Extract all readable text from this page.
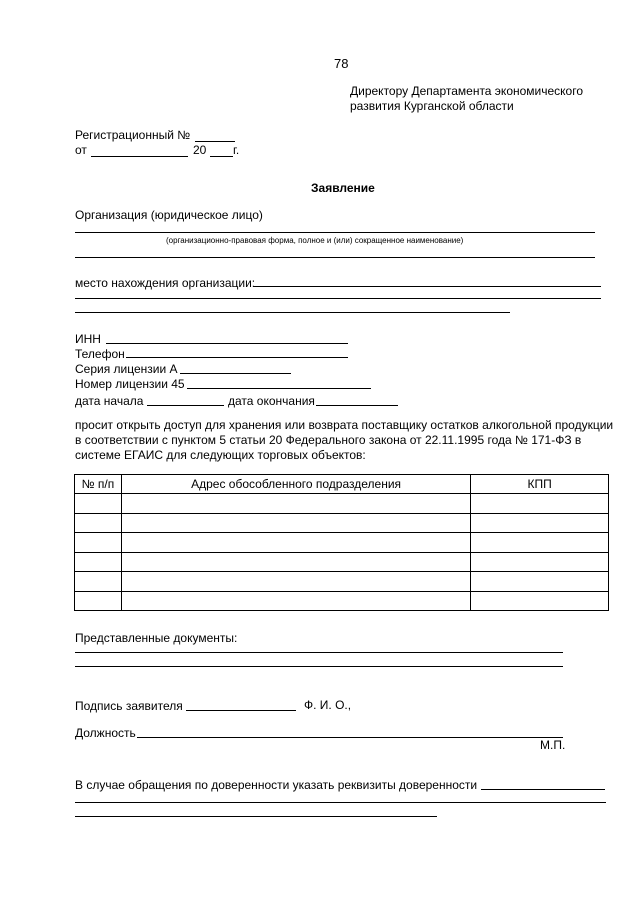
78
Директору Департамента экономического
развития Курганской области
Регистрационный №
от	20 г.
Заявление
Организация (юридическое лицо)
(организационно-правовая форма, полное и (или) сокращенное наименование)
место нахождения организации:
ИНН
Телефон
Серия лицензии А
Номер лицензии 45
дата начала	дата окончания
просит открыть доступ для хранения или возврата поставщику остатков алкогольной продукции
в соответствии с пунктом 5 статьи 20 Федерального закона от 22.11.1995 года № 171-ФЗ в
системе ЕГАИС для следующих торговых объектов:
№ п/п	Адрес обособленного подразделения	КПП

Представленные документы:
Подпись заявителя	Ф. И. О.,
Должность
М.П.
В случае обращения по доверенности указать реквизиты доверенности
